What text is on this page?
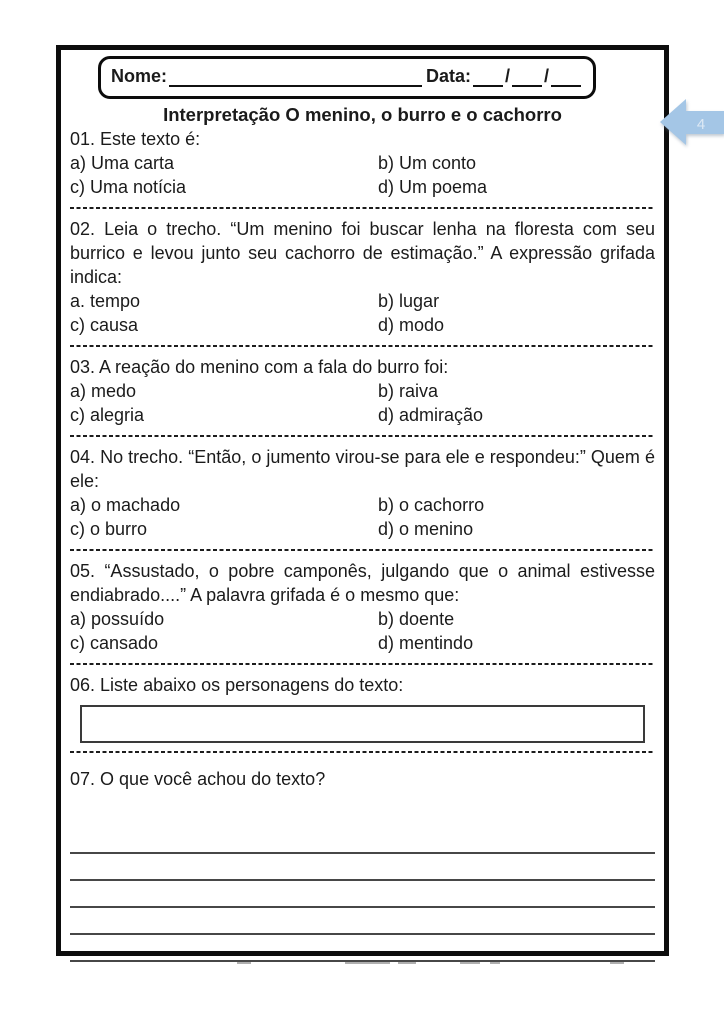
Nome:	Data: / /
Interpretação O menino, o burro e o cachorro
01. Este texto é:
a) Uma carta	b) Um conto
c) Uma notícia	d) Um poema
02. Leia o trecho. “Um menino foi buscar lenha na floresta com seu burrico e levou junto seu cachorro de estimação.” A expressão grifada indica:
a. tempo	b) lugar
c) causa	d) modo
03. A reação do menino com a fala do burro foi:
a) medo	b) raiva
c) alegria	d) admiração
04. No trecho. “Então, o jumento virou-se para ele e respondeu:” Quem é ele:
a) o machado	b) o cachorro
c) o burro	d) o menino
05. “Assustado, o pobre camponês, julgando que o animal estivesse endiabrado....” A palavra grifada é o mesmo que:
a) possuído	b) doente
c) cansado	d) mentindo
06. Liste abaixo os personagens do texto:
07. O que você achou do texto?
4
